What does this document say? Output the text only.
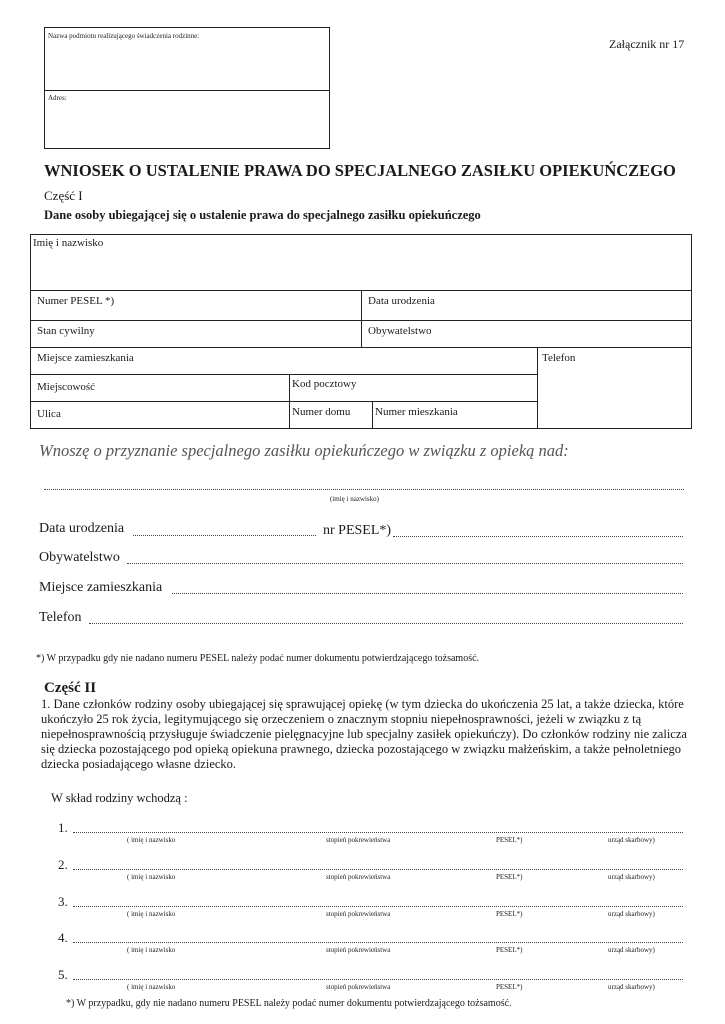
Nazwa podmiotu realizującego świadczenia rodzinne:
Adres:
Załącznik nr 17
WNIOSEK O USTALENIE PRAWA DO SPECJALNEGO ZASIŁKU OPIEKUŃCZEGO
Część I
Dane osoby ubiegającej się o ustalenie prawa do specjalnego zasiłku opiekuńczego
Imię i nazwisko
Numer PESEL *)	Data urodzenia
Stan cywilny	Obywatelstwo
Miejsce zamieszkania	Telefon
Miejscowość	Kod pocztowy
Ulica	Numer domu Numer mieszkania
Wnoszę o przyznanie specjalnego zasiłku opiekuńczego w związku z opieką nad:
(imię i nazwisko)
Data urodzenia	nr PESEL*)
Obywatelstwo
Miejsce zamieszkania
Telefon
*) W przypadku gdy nie nadano numeru PESEL należy podać numer dokumentu potwierdzającego tożsamość.
Część II
1. Dane członków rodziny osoby ubiegającej się sprawującej opiekę (w tym dziecka do ukończenia 25 lat, a także dziecka, które ukończyło 25 rok życia, legitymującego się orzeczeniem o znacznym stopniu niepełnosprawności, jeżeli w związku z tą niepełnosprawnością przysługuje świadczenie pielęgnacyjne lub specjalny zasiłek opiekuńczy). Do członków rodziny nie zalicza się dziecka pozostającego pod opieką opiekuna prawnego, dziecka pozostającego w związku małżeńskim, a także pełnoletniego dziecka posiadającego własne dziecko.
W skład rodziny wchodzą :
1.
( imię i nazwisko	stopień pokrewieństwa	PESEL*)	urząd skarbowy)
2.
( imię i nazwisko	stopień pokrewieństwa	PESEL*)	urząd skarbowy)
3.
( imię i nazwisko	stopień pokrewieństwa	PESEL*)	urząd skarbowy)
4.
( imię i nazwisko	stopień pokrewieństwa	PESEL*)	urząd skarbowy)
5.
( imię i nazwisko	stopień pokrewieństwa	PESEL*)	urząd skarbowy)
*) W przypadku, gdy nie nadano numeru PESEL należy podać numer dokumentu potwierdzającego tożsamość.
